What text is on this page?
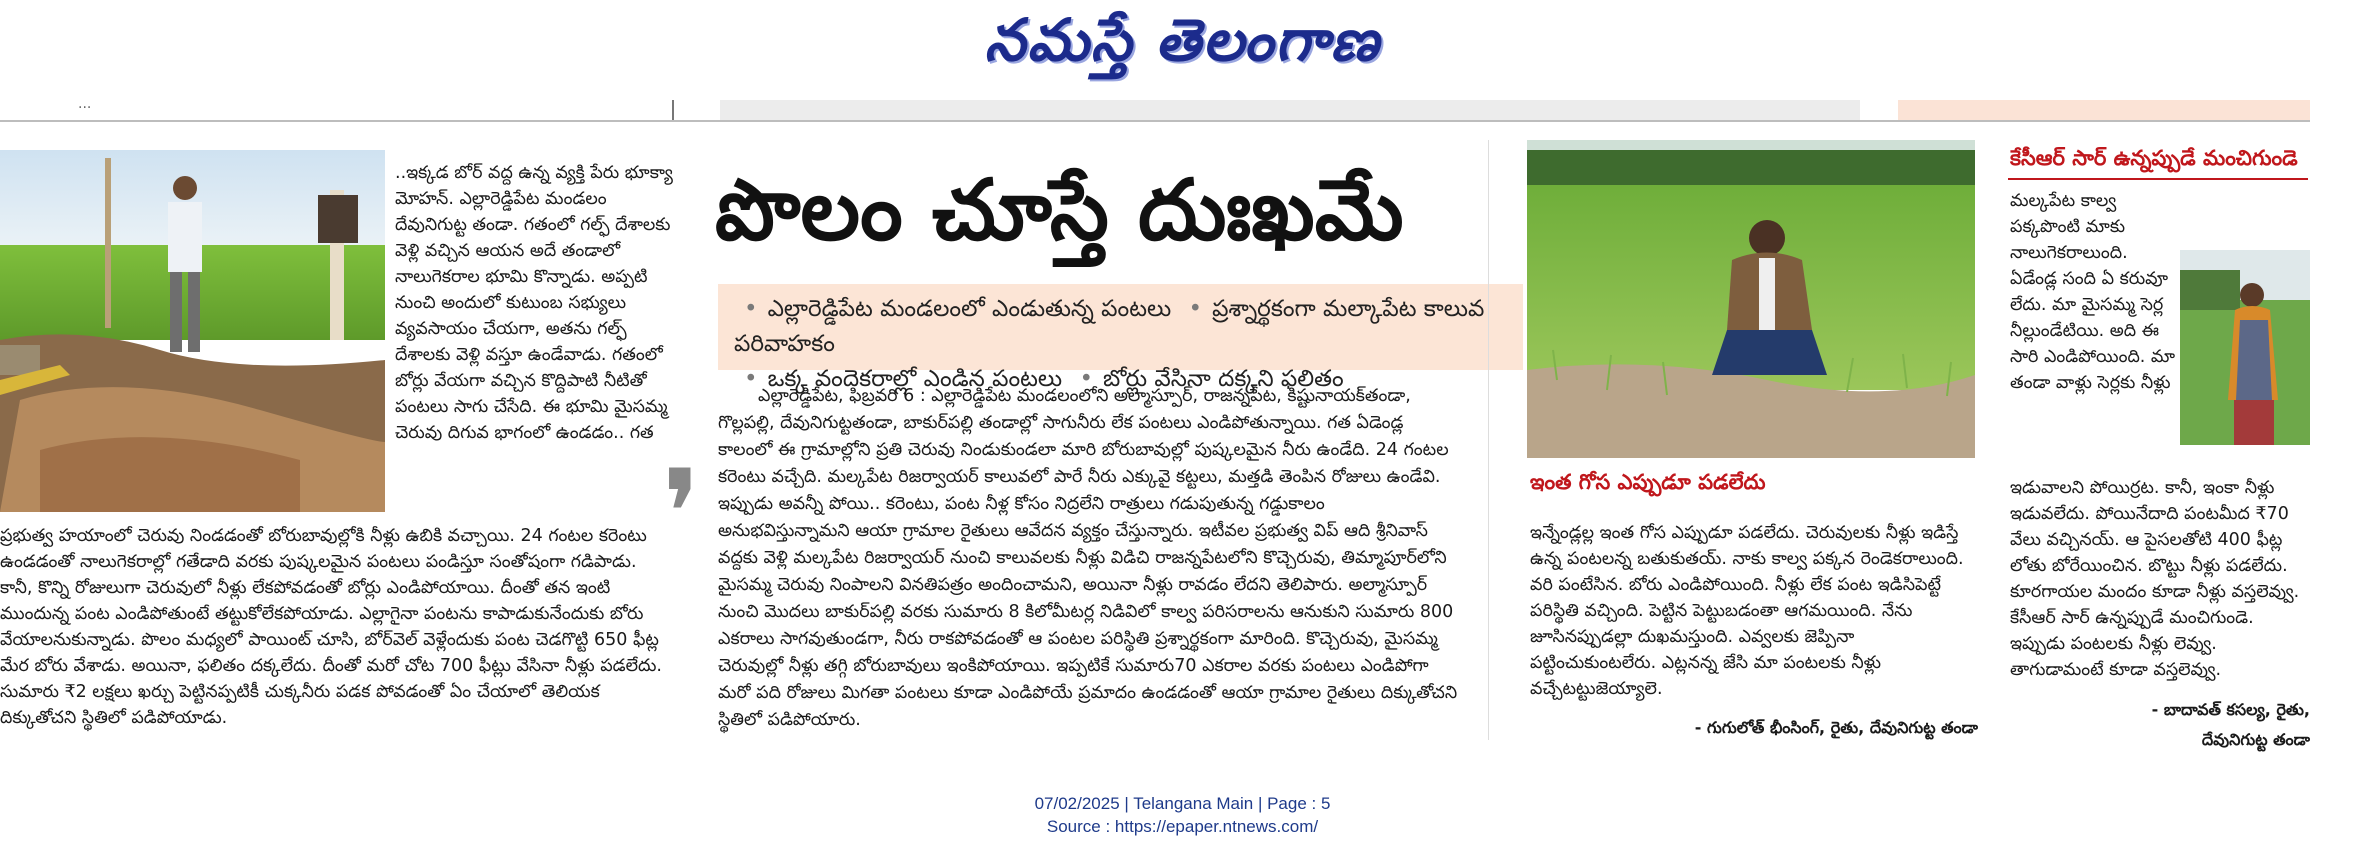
నమస్తే తెలంగాణ
...
..ఇక్కడ బోర్ వద్ద ఉన్న వ్యక్తి పేరు భూక్యా మోహన్. ఎల్లారెడ్డిపేట మండలం దేవునిగుట్ట తండా. గతంలో గల్ఫ్ దేశాలకు వెళ్లి వచ్చిన ఆయన అదే తండాలో నాలుగెకరాల భూమి కొన్నాడు. అప్పటి నుంచి అందులో కుటుంబ సభ్యులు వ్యవసాయం చేయగా, అతను గల్ఫ్ దేశాలకు వెళ్లి వస్తూ ఉండేవాడు. గతంలో బోర్లు వేయగా వచ్చిన కొద్దిపాటి నీటితో పంటలు సాగు చేసేది. ఈ భూమి మైసమ్మ చెరువు దిగువ భాగంలో ఉండడం.. గత
ప్రభుత్వ హయాంలో చెరువు నిండడంతో బోరుబావుల్లోకి నీళ్లు ఉబికి వచ్చాయి. 24 గంటల కరెంటు ఉండడంతో నాలుగెకరాల్లో గతేడాది వరకు పుష్కలమైన పంటలు పండిస్తూ సంతోషంగా గడిపాడు. కానీ, కొన్ని రోజులుగా చెరువులో నీళ్లు లేకపోవడంతో బోర్లు ఎండిపోయాయి. దీంతో తన ఇంటి ముందున్న పంట ఎండిపోతుంటే తట్టుకోలేకపోయాడు. ఎల్లాగైనా పంటను కాపాడుకునేందుకు బోరు వేయాలనుకున్నాడు. పొలం మధ్యలో పాయింట్ చూసి, బోర్‌వెల్ వెళ్లేందుకు పంట చెడగొట్టి 650 ఫీట్ల మేర బోరు వేశాడు. అయినా, ఫలితం దక్కలేదు. దీంతో మరో చోట 700 ఫీట్లు వేసినా నీళ్లు పడలేదు. సుమారు ₹2 లక్షలు ఖర్చు పెట్టినప్పటికీ చుక్కనీరు పడక పోవడంతో ఏం చేయాలో తెలియక దిక్కుతోచని స్థితిలో పడిపోయాడు.
❜
పొలం చూస్తే దుఃఖమే
• ఎల్లారెడ్డిపేట మండలంలో ఎండుతున్న పంటలు • ప్రశ్నార్థకంగా మల్కాపేట కాలువ పరివాహకం
• ఒక్క వందెకరాల్లో ఎండిన పంటలు • బోర్లు వేసినా దక్కని ఫలితం
ఎల్లారెడ్డిపేట, ఫిబ్రవరి 6 : ఎల్లారెడ్డిపేట మండలంలోని అల్మాస్పూర్, రాజన్నపేట, కిష్టునాయక్‌తండా, గొల్లపల్లి, దేవునిగుట్టతండా, బాకుర్‌పల్లి తండాల్లో సాగునీరు లేక పంటలు ఎండిపోతున్నాయి. గత ఏడెండ్ల కాలంలో ఈ గ్రామాల్లోని ప్రతి చెరువు నిండుకుండలా మారి బోరుబావుల్లో పుష్కలమైన నీరు ఉండేది. 24 గంటల కరెంటు వచ్చేది. మల్కపేట రిజర్వాయర్ కాలువలో పారే నీరు ఎక్కువై కట్టలు, మత్తడి తెంపిన రోజులు ఉండేవి. ఇప్పుడు అవన్నీ పోయి.. కరెంటు, పంట నీళ్ల కోసం నిద్రలేని రాత్రులు గడుపుతున్న గడ్డుకాలం అనుభవిస్తున్నామని ఆయా గ్రామాల రైతులు ఆవేదన వ్యక్తం చేస్తున్నారు. ఇటీవల ప్రభుత్వ విప్ ఆది శ్రీనివాస్ వద్దకు వెళ్లి మల్కపేట రిజర్వాయర్ నుంచి కాలువలకు నీళ్లు విడిచి రాజన్నపేటలోని కొచ్చెరువు, తిమ్మాపూర్‌లోని మైసమ్మ చెరువు నింపాలని వినతిపత్రం అందించామని, అయినా నీళ్లు రావడం లేదని తెలిపారు. అల్మాస్పూర్ నుంచి మొదలు బాకుర్‌పల్లి వరకు సుమారు 8 కిలోమీటర్ల నిడివిలో కాల్వ పరిసరాలను ఆనుకుని సుమారు 800 ఎకరాలు సాగవుతుండగా, నీరు రాకపోవడంతో ఆ పంటల పరిస్థితి ప్రశ్నార్థకంగా మారింది. కొచ్చెరువు, మైసమ్మ చెరువుల్లో నీళ్లు తగ్గి బోరుబావులు ఇంకిపోయాయి. ఇప్పటికే సుమారు70 ఎకరాల వరకు పంటలు ఎండిపోగా మరో పది రోజులు మిగతా పంటలు కూడా ఎండిపోయే ప్రమాదం ఉండడంతో ఆయా గ్రామాల రైతులు దిక్కుతోచని స్థితిలో పడిపోయారు.
ఇంత గోస ఎప్పుడూ పడలేదు
ఇన్నేండ్లల్ల ఇంత గోస ఎప్పుడూ పడలేదు. చెరువులకు నీళ్లు ఇడిస్తే ఉన్న పంటలన్న బతుకుతయ్. నాకు కాల్వ పక్కన రెండెకరాలుంది. వరి పంటేసిన. బోరు ఎండిపోయింది. నీళ్లు లేక పంట ఇడిసిపెట్టే పరిస్థితి వచ్చింది. పెట్టిన పెట్టుబడంతా ఆగమయింది. నేను జూసినప్పుడల్లా దుఖమస్తుంది. ఎవ్వలకు జెప్పినా పట్టించుకుంటలేరు. ఎట్లనన్న జేసి మా పంటలకు నీళ్లు వచ్చేటట్టుజెయ్యాలె.
- గుగులోత్ భీంసింగ్, రైతు, దేవునిగుట్ట తండా
కేసీఆర్ సార్ ఉన్నప్పుడే మంచిగుండె
మల్కపేట కాల్వ పక్కపొంటి మాకు నాలుగెకరాలుంది. ఏడేండ్ల సంది ఏ కరువూ లేదు. మా మైసమ్మ సెర్ల నీల్లుండేటియి. అది ఈ సారి ఎండిపోయింది. మా తండా వాళ్లు సెర్లకు నీళ్లు
ఇడువాలని పోయిర్రట. కానీ, ఇంకా నీళ్లు ఇడువలేదు. పోయినేదాది పంటమీద ₹70 వేలు వచ్చినయ్. ఆ పైసలతోటి 400 ఫీట్ల లోతు బోరేయించిన. బొట్టు నీళ్లు పడలేదు. కూరగాయల మందం కూడా నీళ్లు వస్తలెవ్వు. కేసీఆర్ సార్ ఉన్నప్పుడే మంచిగుండె. ఇప్పుడు పంటలకు నీళ్లు లెవ్వు. తాగుడామంటే కూడా వస్తలెవ్వు.
- బాదావత్ కసల్య, రైతు,
దేవునిగుట్ట తండా
07/02/2025 | Telangana Main | Page : 5
Source : https://epaper.ntnews.com/
